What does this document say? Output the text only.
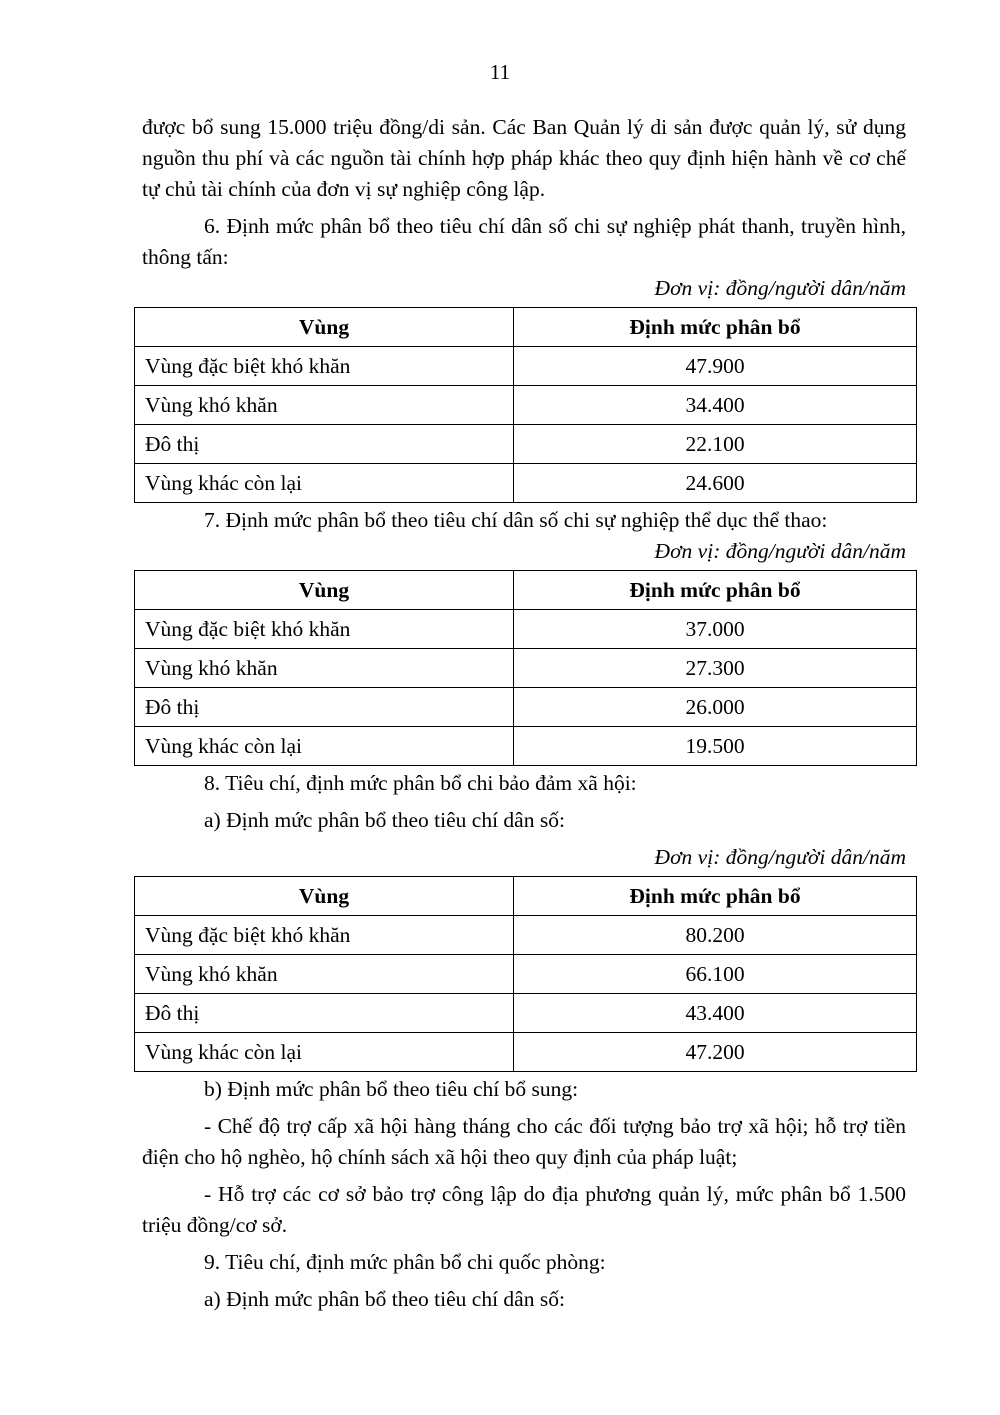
11

được bổ sung 15.000 triệu đồng/di sản. Các Ban Quản lý di sản được quản lý, sử dụng nguồn thu phí và các nguồn tài chính hợp pháp khác theo quy định hiện hành về cơ chế tự chủ tài chính của đơn vị sự nghiệp công lập.

6. Định mức phân bổ theo tiêu chí dân số chi sự nghiệp phát thanh, truyền hình, thông tấn:

Đơn vị: đồng/người dân/năm
Vùng	Định mức phân bổ
Vùng đặc biệt khó khăn	47.900
Vùng khó khăn	34.400
Đô thị	22.100
Vùng khác còn lại	24.600

7. Định mức phân bổ theo tiêu chí dân số chi sự nghiệp thể dục thể thao:

Đơn vị: đồng/người dân/năm
Vùng	Định mức phân bổ
Vùng đặc biệt khó khăn	37.000
Vùng khó khăn	27.300
Đô thị	26.000
Vùng khác còn lại	19.500

8. Tiêu chí, định mức phân bổ chi bảo đảm xã hội:

a) Định mức phân bổ theo tiêu chí dân số:

Đơn vị: đồng/người dân/năm
Vùng	Định mức phân bổ
Vùng đặc biệt khó khăn	80.200
Vùng khó khăn	66.100
Đô thị	43.400
Vùng khác còn lại	47.200

b) Định mức phân bổ theo tiêu chí bổ sung:

- Chế độ trợ cấp xã hội hàng tháng cho các đối tượng bảo trợ xã hội; hỗ trợ tiền điện cho hộ nghèo, hộ chính sách xã hội theo quy định của pháp luật;

- Hỗ trợ các cơ sở bảo trợ công lập do địa phương quản lý, mức phân bổ 1.500 triệu đồng/cơ sở.

9. Tiêu chí, định mức phân bổ chi quốc phòng:

a) Định mức phân bổ theo tiêu chí dân số:
